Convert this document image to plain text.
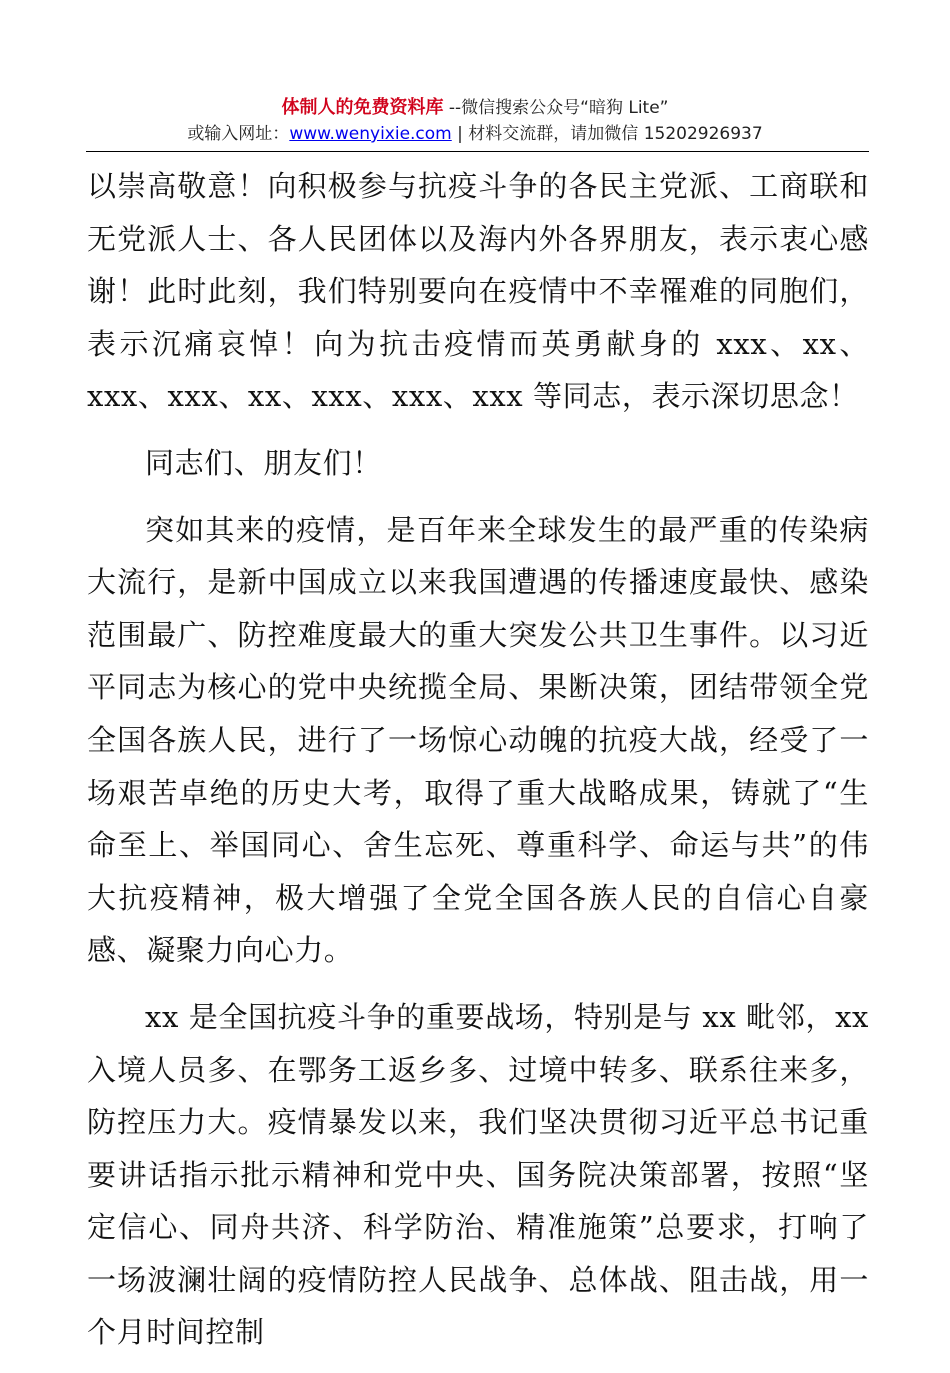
体制人的免费资料库 --微信搜索公众号“暗狗 Lite”
或输入网址：www.wenyixie.com | 材料交流群，请加微信 15202926937

以崇高敬意！向积极参与抗疫斗争的各民主党派、工商联和无党派人士、各人民团体以及海内外各界朋友，表示衷心感谢！此时此刻，我们特别要向在疫情中不幸罹难的同胞们，表示沉痛哀悼！向为抗击疫情而英勇献身的 xxx、xx、xxx、xxx、xx、xxx、xxx、xxx 等同志，表示深切思念！

同志们、朋友们！

突如其来的疫情，是百年来全球发生的最严重的传染病大流行，是新中国成立以来我国遭遇的传播速度最快、感染范围最广、防控难度最大的重大突发公共卫生事件。以习近平同志为核心的党中央统揽全局、果断决策，团结带领全党全国各族人民，进行了一场惊心动魄的抗疫大战，经受了一场艰苦卓绝的历史大考，取得了重大战略成果，铸就了“生命至上、举国同心、舍生忘死、尊重科学、命运与共”的伟大抗疫精神，极大增强了全党全国各族人民的自信心自豪感、凝聚力向心力。

xx 是全国抗疫斗争的重要战场，特别是与 xx 毗邻，xx 入境人员多、在鄂务工返乡多、过境中转多、联系往来多，防控压力大。疫情暴发以来，我们坚决贯彻习近平总书记重要讲话指示批示精神和党中央、国务院决策部署，按照“坚定信心、同舟共济、科学防治、精准施策”总要求，打响了一场波澜壮阔的疫情防控人民战争、总体战、阻击战，用一个月时间控制
